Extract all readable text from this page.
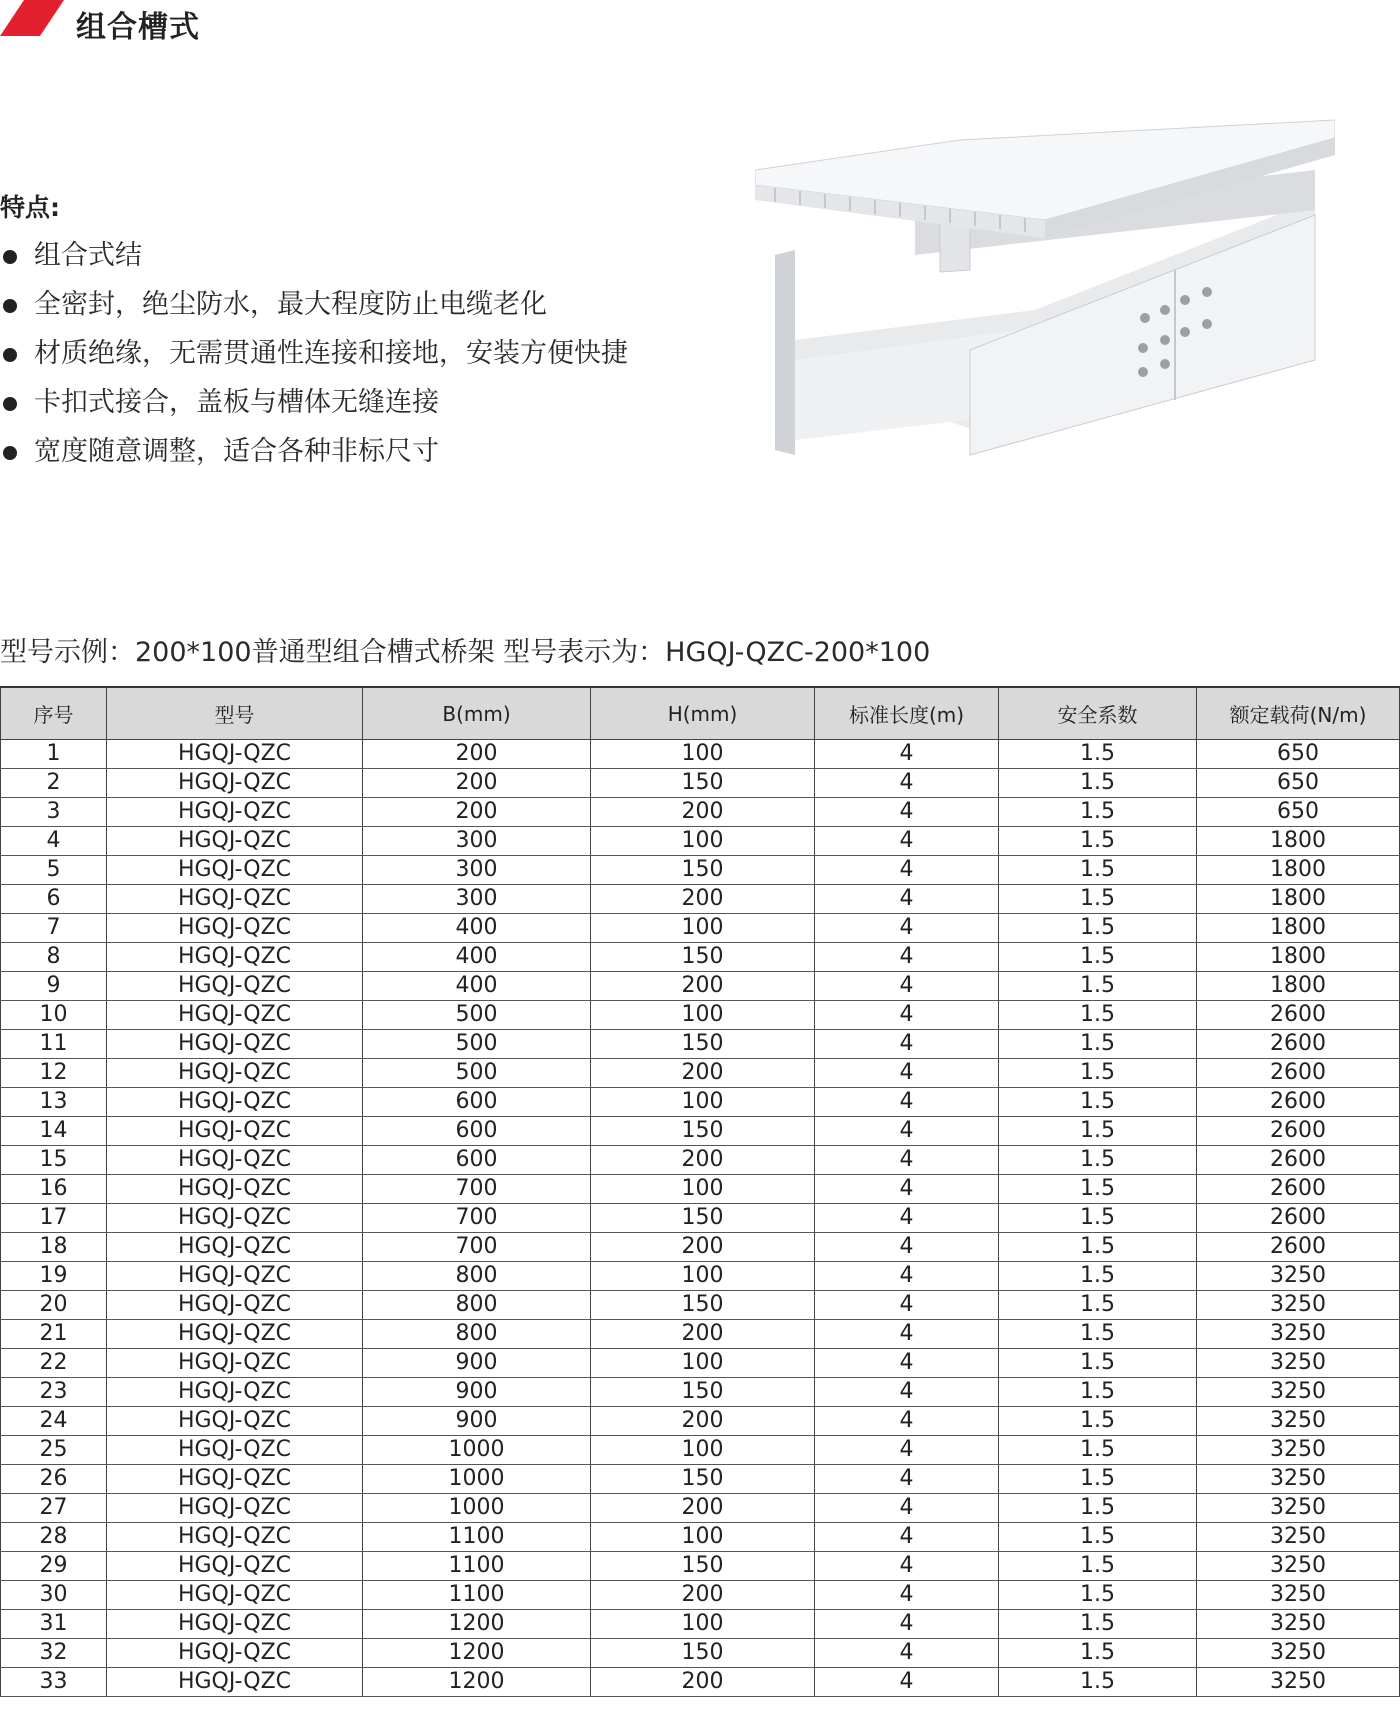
组合槽式
特点:
组合式结
全密封，绝尘防水，最大程度防止电缆老化
材质绝缘，无需贯通性连接和接地，安装方便快捷
卡扣式接合，盖板与槽体无缝连接
宽度随意调整，适合各种非标尺寸
型号示例：200*100普通型组合槽式桥架 型号表示为：HGQJ-QZC-200*100
序号	型号	B(mm)	H(mm)	标准长度(m)	安全系数	额定载荷(N/m)
1	HGQJ-QZC	200	100	4	1.5	650
2	HGQJ-QZC	200	150	4	1.5	650
3	HGQJ-QZC	200	200	4	1.5	650
4	HGQJ-QZC	300	100	4	1.5	1800
5	HGQJ-QZC	300	150	4	1.5	1800
6	HGQJ-QZC	300	200	4	1.5	1800
7	HGQJ-QZC	400	100	4	1.5	1800
8	HGQJ-QZC	400	150	4	1.5	1800
9	HGQJ-QZC	400	200	4	1.5	1800
10	HGQJ-QZC	500	100	4	1.5	2600
11	HGQJ-QZC	500	150	4	1.5	2600
12	HGQJ-QZC	500	200	4	1.5	2600
13	HGQJ-QZC	600	100	4	1.5	2600
14	HGQJ-QZC	600	150	4	1.5	2600
15	HGQJ-QZC	600	200	4	1.5	2600
16	HGQJ-QZC	700	100	4	1.5	2600
17	HGQJ-QZC	700	150	4	1.5	2600
18	HGQJ-QZC	700	200	4	1.5	2600
19	HGQJ-QZC	800	100	4	1.5	3250
20	HGQJ-QZC	800	150	4	1.5	3250
21	HGQJ-QZC	800	200	4	1.5	3250
22	HGQJ-QZC	900	100	4	1.5	3250
23	HGQJ-QZC	900	150	4	1.5	3250
24	HGQJ-QZC	900	200	4	1.5	3250
25	HGQJ-QZC	1000	100	4	1.5	3250
26	HGQJ-QZC	1000	150	4	1.5	3250
27	HGQJ-QZC	1000	200	4	1.5	3250
28	HGQJ-QZC	1100	100	4	1.5	3250
29	HGQJ-QZC	1100	150	4	1.5	3250
30	HGQJ-QZC	1100	200	4	1.5	3250
31	HGQJ-QZC	1200	100	4	1.5	3250
32	HGQJ-QZC	1200	150	4	1.5	3250
33	HGQJ-QZC	1200	200	4	1.5	3250
